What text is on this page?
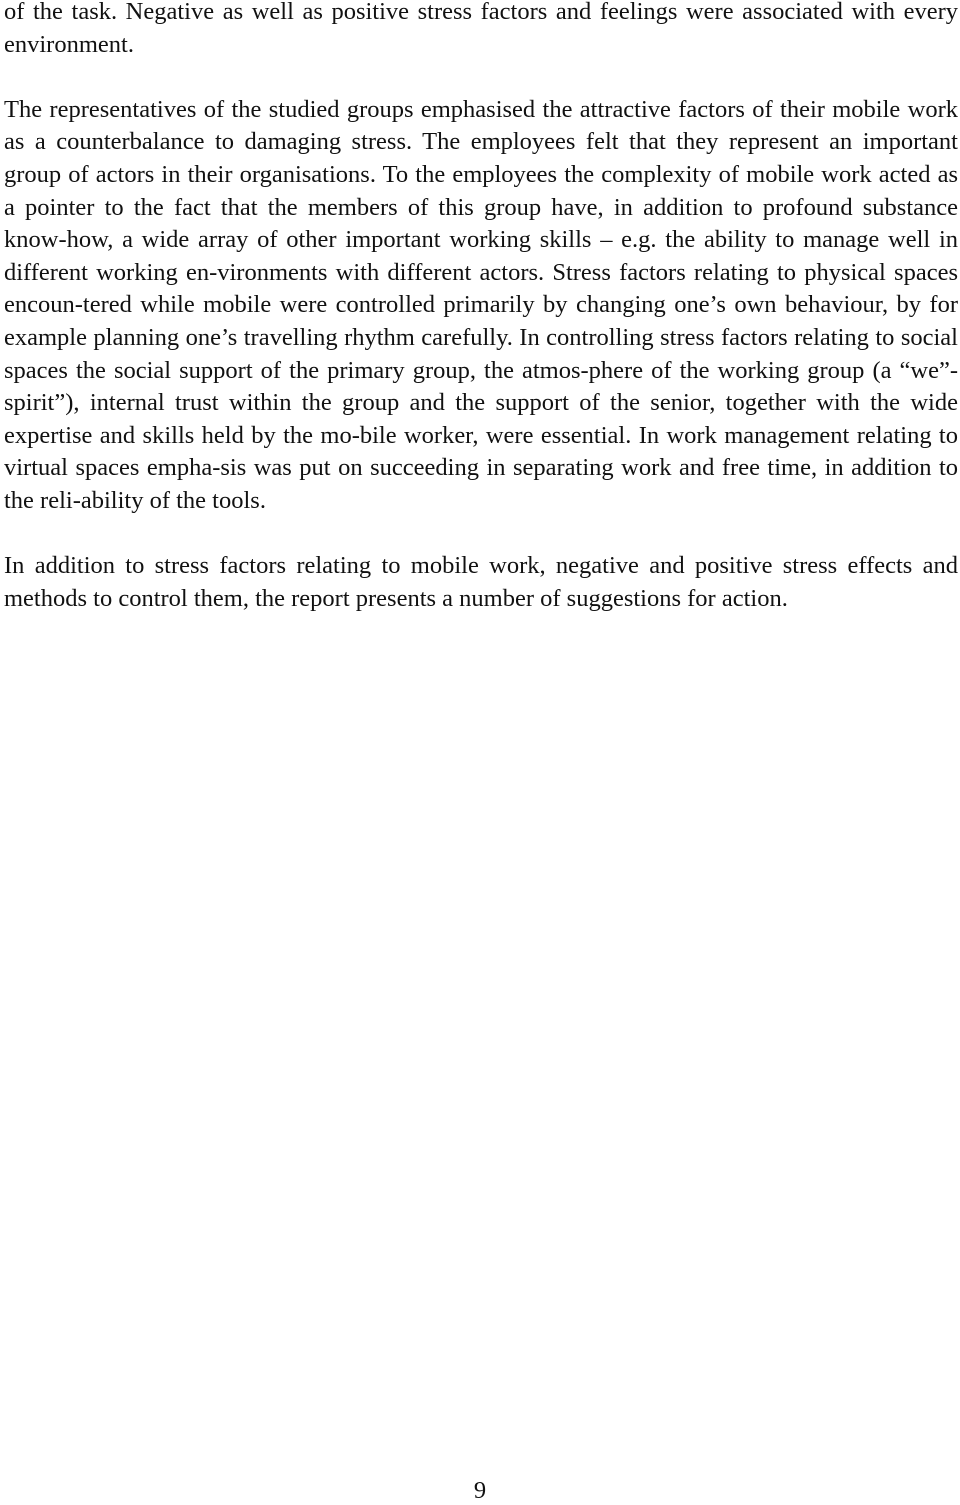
of the task. Negative as well as positive stress factors and feelings were associated with every environment.

The representatives of the studied groups emphasised the attractive factors of their mobile work as a counterbalance to damaging stress. The employees felt that they represent an important group of actors in their organisations. To the employees the complexity of mobile work acted as a pointer to the fact that the members of this group have, in addition to profound substance know-how, a wide array of other important working skills – e.g. the ability to manage well in different working en-vironments with different actors. Stress factors relating to physical spaces encoun-tered while mobile were controlled primarily by changing one’s own behaviour, by for example planning one’s travelling rhythm carefully. In controlling stress factors relating to social spaces the social support of the primary group, the atmos-phere of the working group (a “we”-spirit”), internal trust within the group and the support of the senior, together with the wide expertise and skills held by the mo-bile worker, were essential. In work management relating to virtual spaces empha-sis was put on succeeding in separating work and free time, in addition to the reli-ability of the tools.

In addition to stress factors relating to mobile work, negative and positive stress effects and methods to control them, the report presents a number of suggestions for action.

9
